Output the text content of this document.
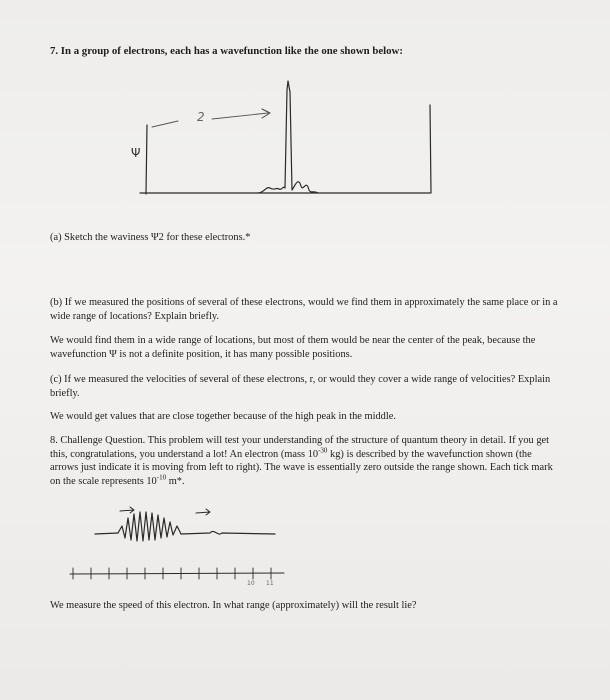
7. In a group of electrons, each has a wavefunction like the one shown below:
Ψ
2
(a) Sketch the waviness Ψ2 for these electrons.*
(b) If we measured the positions of several of these electrons, would we find them in approximately the same place or in a wide range of locations? Explain briefly.
We would find them in a wide range of locations, but most of them would be near the center of the peak, because the wavefunction Ψ is not a definite position, it has many possible positions.
(c) If we measured the velocities of several of these electrons, r, or would they cover a wide range of velocities? Explain briefly.
We would get values that are close together because of the high peak in the middle.
8. Challenge Question. This problem will test your understanding of the structure of quantum theory in detail. If you get this, congratulations, you understand a lot! An electron (mass $10^{-30}$ kg) is described by the wavefunction shown (the arrows just indicate it is moving from left to right). The wave is essentially zero outside the range shown. Each tick mark on the scale represents $10^{-10}$ m*.
10 11
We measure the speed of this electron. In what range (approximately) will the result lie?
